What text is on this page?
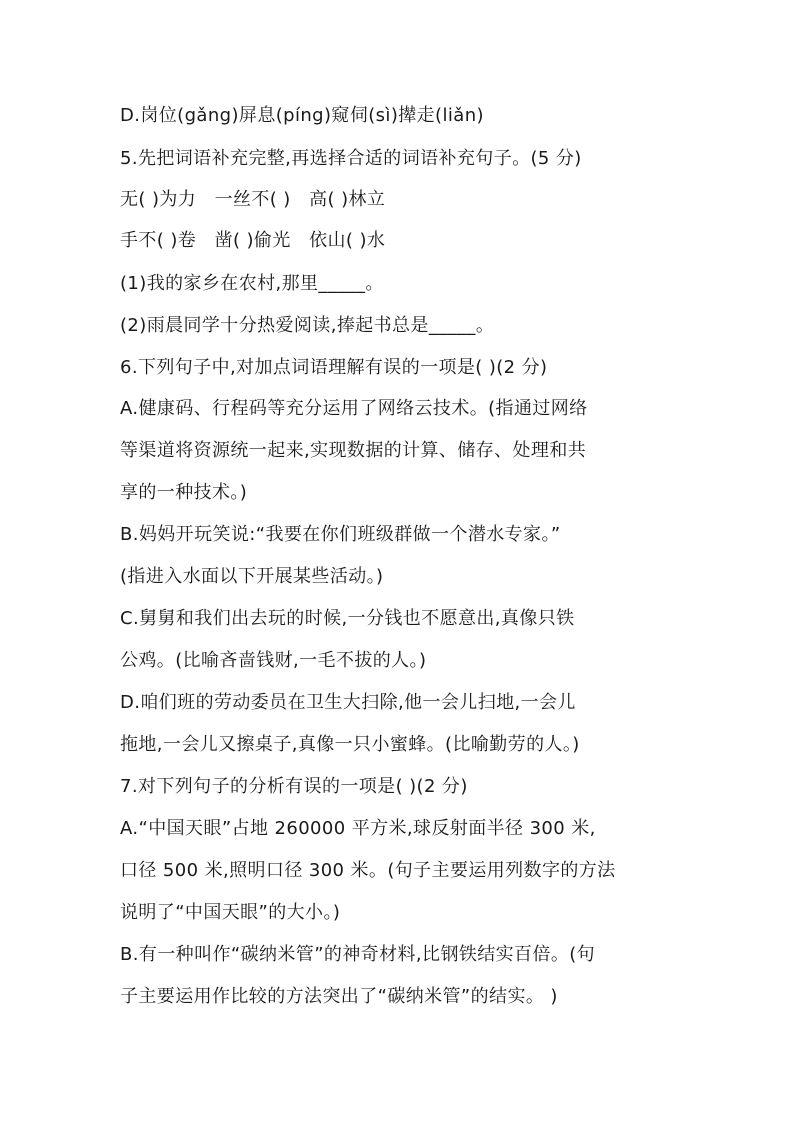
D.岗位(gǎng)屏息(píng)窥伺(sì)撵走(liǎn)
5.先把词语补充完整,再选择合适的词语补充句子。(5 分)
无( )为力　一丝不( )　高( )林立
手不( )卷　凿( )偷光　依山( )水
(1)我的家乡在农村,那里_____。
(2)雨晨同学十分热爱阅读,捧起书总是_____。
6.下列句子中,对加点词语理解有误的一项是( )(2 分)
A.健康码、行程码等充分运用了网络云技术。(指通过网络
等渠道将资源统一起来,实现数据的计算、储存、处理和共
享的一种技术。)
B.妈妈开玩笑说:“我要在你们班级群做一个潜水专家。”
(指进入水面以下开展某些活动。)
C.舅舅和我们出去玩的时候,一分钱也不愿意出,真像只铁
公鸡。(比喻吝啬钱财,一毛不拔的人。)
D.咱们班的劳动委员在卫生大扫除,他一会儿扫地,一会儿
拖地,一会儿又擦桌子,真像一只小蜜蜂。(比喻勤劳的人。)
7.对下列句子的分析有误的一项是( )(2 分)
A.“中国天眼”占地 260000 平方米,球反射面半径 300 米,
口径 500 米,照明口径 300 米。(句子主要运用列数字的方法
说明了“中国天眼”的大小。)
B.有一种叫作“碳纳米管”的神奇材料,比钢铁结实百倍。(句
子主要运用作比较的方法突出了“碳纳米管”的结实。 )
